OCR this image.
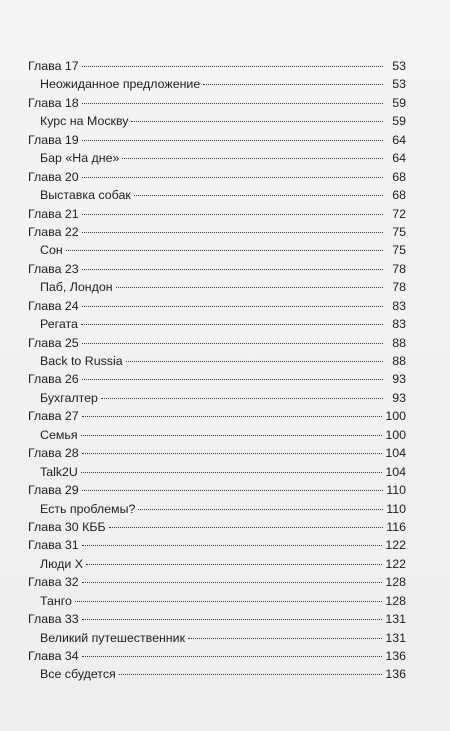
Глава 17	53
Неожиданное предложение	53
Глава 18	59
Курс на Москву	59
Глава 19	64
Бар «На дне»	64
Глава 20	68
Выставка собак	68
Глава 21	72
Глава 22	75
Сон	75
Глава 23	78
Паб, Лондон	78
Глава 24	83
Регата	83
Глава 25	88
Back to Russia	88
Глава 26	93
Бухгалтер	93
Глава 27	100
Семья	100
Глава 28	104
Talk2U	104
Глава 29	110
Есть проблемы?	110
Глава 30 КББ	116
Глава 31	122
Люди Х	122
Глава 32	128
Танго	128
Глава 33	131
Великий путешественник	131
Глава 34	136
Все сбудется	136
